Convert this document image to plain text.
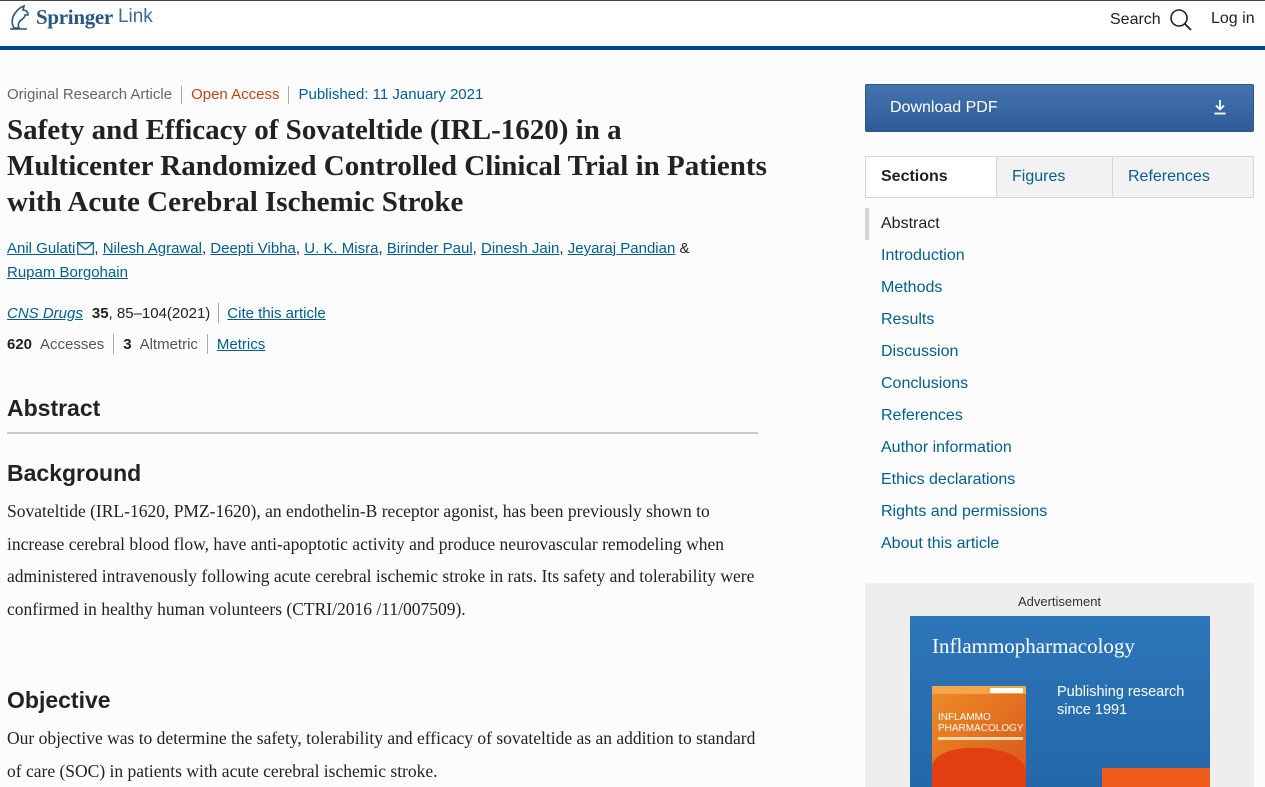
Springer Link	Search	Log in
Original Research Article	Open Access	Published: 11 January 2021
Safety and Efficacy of Sovateltide (IRL-1620) in a Multicenter Randomized Controlled Clinical Trial in Patients with Acute Cerebral Ischemic Stroke
Anil Gulati , Nilesh Agrawal, Deepti Vibha, U. K. Misra, Birinder Paul, Dinesh Jain, Jeyaraj Pandian &
Rupam Borgohain
CNS Drugs 35 , 85–104(2021) Cite this article
620 Accesses 3 Altmetric Metrics
Abstract
Background

Sovateltide (IRL-1620, PMZ-1620), an endothelin-B receptor agonist, has been previously shown to increase cerebral blood flow, have anti-apoptotic activity and produce neurovascular remodeling when administered intravenously following acute cerebral ischemic stroke in rats. Its safety and tolerability were confirmed in healthy human volunteers (CTRI/2016 /11/007509).

Objective

Our objective was to determine the safety, tolerability and efficacy of sovateltide as an addition to standard of care (SOC) in patients with acute cerebral ischemic stroke.

Download PDF
Sections	Figures	References
Abstract
Introduction
Methods
Results
Discussion
Conclusions
References
Author information
Ethics declarations
Rights and permissions
About this article
Advertisement
Inflammopharmacology
INFLAMMO
PHARMACOLOGY
Publishing research since 1991
